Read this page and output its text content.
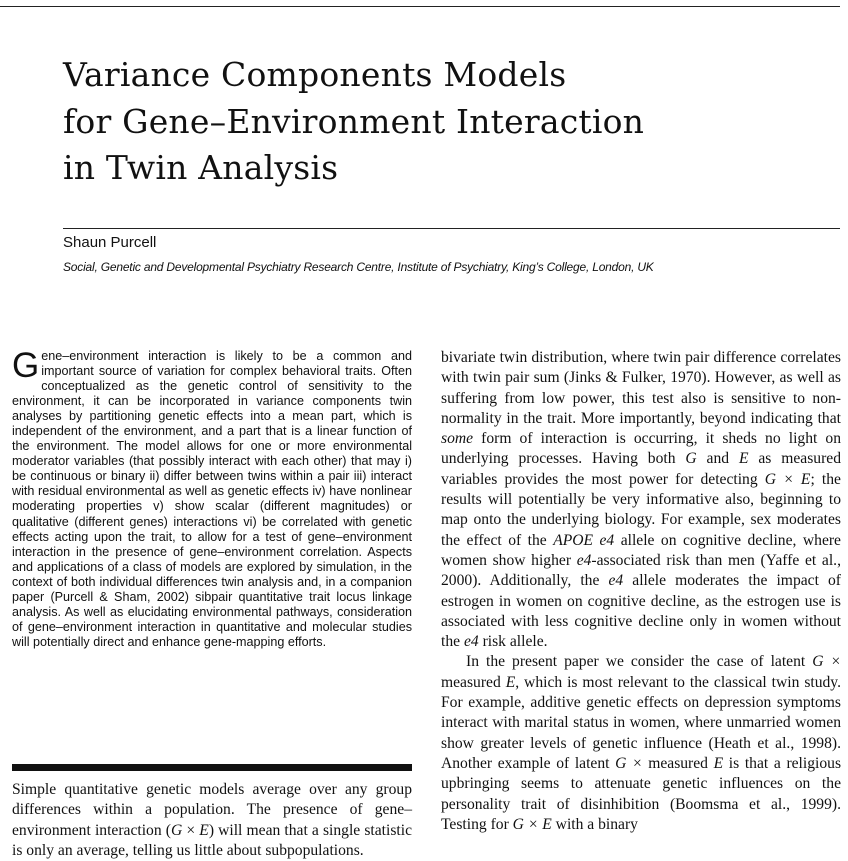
Variance Components Models
for Gene–Environment Interaction
in Twin Analysis
Shaun Purcell
Social, Genetic and Developmental Psychiatry Research Centre, Institute of Psychiatry, King’s College, London, UK
Gene–environment interaction is likely to be a common and important source of variation for complex behavioral traits. Often conceptualized as the genetic control of sensitivity to the environment, it can be incorporated in variance components twin analyses by partitioning genetic effects into a mean part, which is independent of the environment, and a part that is a linear function of the environment. The model allows for one or more environmental moderator variables (that possibly interact with each other) that may i) be continuous or binary ii) differ between twins within a pair iii) interact with residual environmental as well as genetic effects iv) have nonlinear moderating properties v) show scalar (different magnitudes) or qualitative (different genes) interactions vi) be correlated with genetic effects acting upon the trait, to allow for a test of gene–environment interaction in the presence of gene–environment correlation. Aspects and applications of a class of models are explored by simulation, in the context of both individual differences twin analysis and, in a companion paper (Purcell & Sham, 2002) sibpair quantitative trait locus linkage analysis. As well as elucidating environmental pathways, consideration of gene–environment interaction in quantitative and molecular studies will potentially direct and enhance gene-mapping efforts.

Simple quantitative genetic models average over any group differences within a population. The presence of gene–environment interaction (G × E) will mean that a single statistic is only an average, telling us little about subpopulations.

bivariate twin distribution, where twin pair difference correlates with twin pair sum (Jinks & Fulker, 1970). However, as well as suffering from low power, this test also is sensitive to non-normality in the trait. More importantly, beyond indicating that some form of interaction is occurring, it sheds no light on underlying processes. Having both G and E as measured variables provides the most power for detecting G × E; the results will potentially be very informative also, beginning to map onto the underlying biology. For example, sex moderates the effect of the APOE e4 allele on cognitive decline, where women show higher e4-associated risk than men (Yaffe et al., 2000). Additionally, the e4 allele moderates the impact of estrogen in women on cognitive decline, as the estrogen use is associated with less cognitive decline only in women without the e4 risk allele.

In the present paper we consider the case of latent G × measured E, which is most relevant to the classical twin study. For example, additive genetic effects on depression symptoms interact with marital status in women, where unmarried women show greater levels of genetic influence (Heath et al., 1998). Another example of latent G × measured E is that a religious upbringing seems to attenuate genetic influences on the personality trait of disinhibition (Boomsma et al., 1999). Testing for G × E with a binary
